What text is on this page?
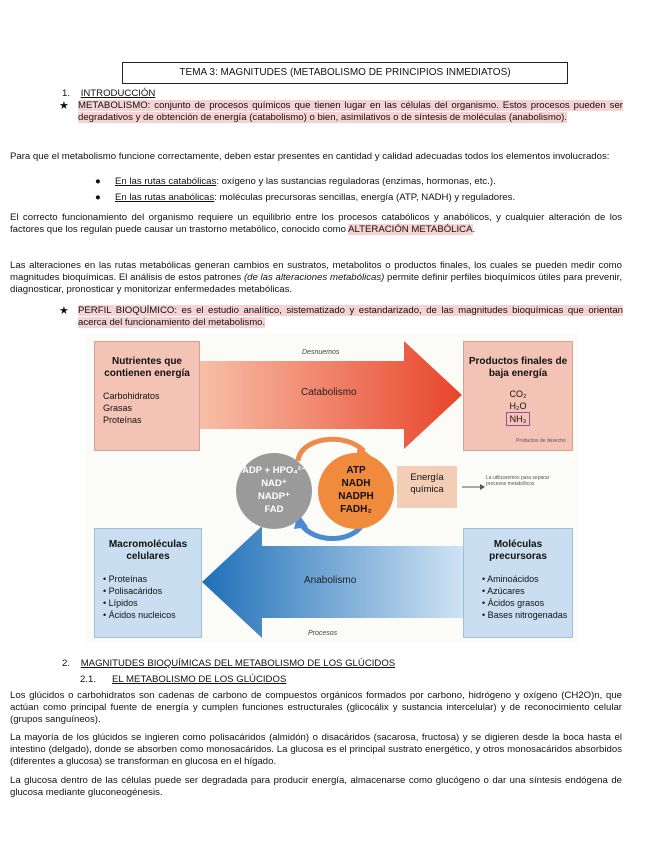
TEMA 3: MAGNITUDES (METABOLISMO DE PRINCIPIOS INMEDIATOS)
1. INTRODUCCIÓN
★ METABOLISMO: conjunto de procesos químicos que tienen lugar en las células del organismo. Estos procesos pueden ser degradativos y de obtención de energía (catabolismo) o bien, asimilativos o de síntesis de moléculas (anabolismo).
Para que el metabolismo funcione correctamente, deben estar presentes en cantidad y calidad adecuadas todos los elementos involucrados:
● En las rutas catabólicas: oxígeno y las sustancias reguladoras (enzimas, hormonas, etc.).
● En las rutas anabólicas: moléculas precursoras sencillas, energía (ATP, NADH) y reguladores.
El correcto funcionamiento del organismo requiere un equilibrio entre los procesos catabólicos y anabólicos, y cualquier alteración de los factores que los regulan puede causar un trastorno metabólico, conocido como ALTERACIÓN METABÓLICA.
Las alteraciones en las rutas metabólicas generan cambios en sustratos, metabolitos o productos finales, los cuales se pueden medir como magnitudes bioquímicas. El análisis de estos patrones (de las alteraciones metabólicas) permite definir perfiles bioquímicos útiles para prevenir, diagnosticar, pronosticar y monitorizar enfermedades metabólicas.
★ PERFIL BIOQUÍMICO: es el estudio analítico, sistematizado y estandarizado, de las magnitudes bioquímicas que orientan acerca del funcionamiento del metabolismo.
Nutrientes que contienen energía
Carbohidratos
Grasas
Proteínas
Productos finales de baja energía
CO₂
H₂O
NH₃
Productos de desecho
Macromoléculas celulares
• Proteínas
• Polisacáridos
• Lípidos
• Ácidos nucleicos
Moléculas precursoras
• Aminoácidos
• Azúcares
• Ácidos grasos
• Bases nitrogenadas
Catabolismo
Anabolismo
Desnuemos
Procesos
ADP + HPO₄²⁻
NAD⁺
NADP⁺
FAD
ATP
NADH
NADPH
FADH₂
Energía química
La utilizaremos para separar procesos metabólicos
2. MAGNITUDES BIOQUÍMICAS DEL METABOLISMO DE LOS GLÚCIDOS
2.1. EL METABOLISMO DE LOS GLÚCIDOS
Los glúcidos o carbohidratos son cadenas de carbono de compuestos orgánicos formados por carbono, hidrógeno y oxígeno (CH2O)n, que actúan como principal fuente de energía y cumplen funciones estructurales (glicocálix y sustancia intercelular) y de reconocimiento celular (grupos sanguíneos).
La mayoría de los glúcidos se ingieren como polisacáridos (almidón) o disacáridos (sacarosa, fructosa) y se digieren desde la boca hasta el intestino (delgado), donde se absorben como monosacáridos. La glucosa es el principal sustrato energético, y otros monosacáridos absorbidos (diferentes a glucosa) se transforman en glucosa en el hígado.
La glucosa dentro de las células puede ser degradada para producir energía, almacenarse como glucógeno o dar una síntesis endógena de glucosa mediante gluconeogénesis.
